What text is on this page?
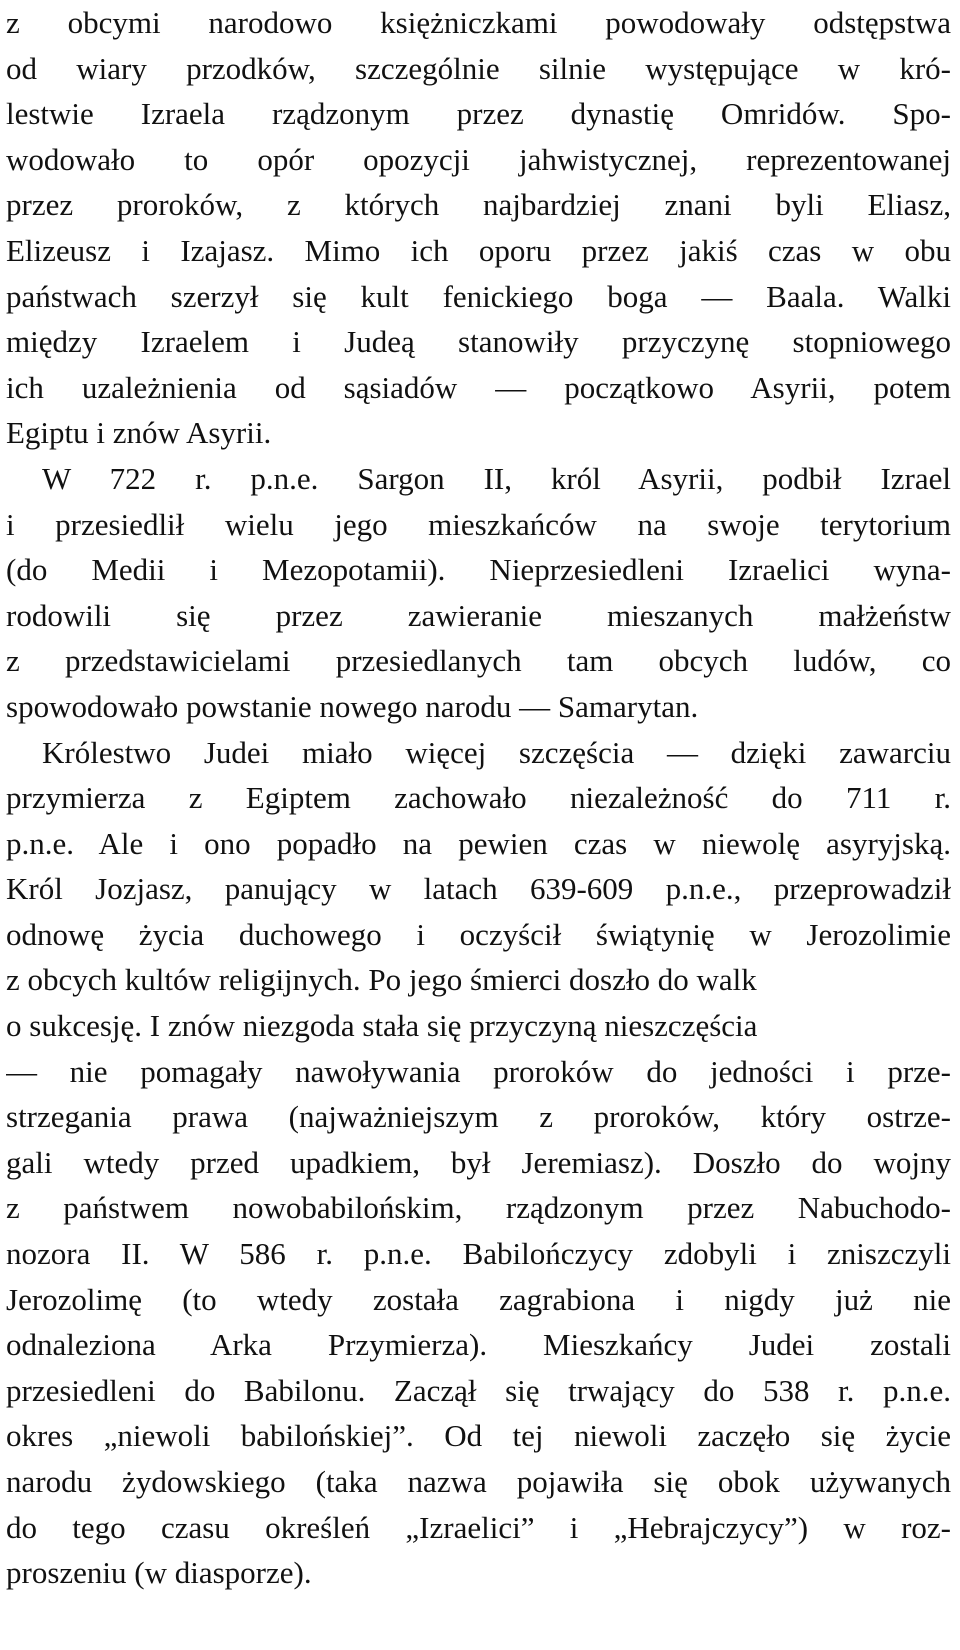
z obcymi narodowo księżniczkami powodowały odstępstwa
od wiary przodków, szczególnie silnie występujące w kró-
lestwie Izraela rządzonym przez dynastię Omridów. Spo-
wodowało to opór opozycji jahwistycznej, reprezentowanej
przez proroków, z których najbardziej znani byli Eliasz,
Elizeusz i Izajasz. Mimo ich oporu przez jakiś czas w obu
państwach szerzył się kult fenickiego boga — Baala. Walki
między Izraelem i Judeą stanowiły przyczynę stopniowego
ich uzależnienia od sąsiadów — początkowo Asyrii, potem
Egiptu i znów Asyrii.
W 722 r. p.n.e. Sargon II, król Asyrii, podbił Izrael
i przesiedlił wielu jego mieszkańców na swoje terytorium
(do Medii i Mezopotamii). Nieprzesiedleni Izraelici wyna-
rodowili się przez zawieranie mieszanych małżeństw
z przedstawicielami przesiedlanych tam obcych ludów, co
spowodowało powstanie nowego narodu — Samarytan.
Królestwo Judei miało więcej szczęścia — dzięki zawarciu
przymierza z Egiptem zachowało niezależność do 711 r.
p.n.e. Ale i ono popadło na pewien czas w niewolę asyryjską.
Król Jozjasz, panujący w latach 639-609 p.n.e., przeprowadził
odnowę życia duchowego i oczyścił świątynię w Jerozolimie
z obcych kultów religijnych. Po jego śmierci doszło do walk
o sukcesję. I znów niezgoda stała się przyczyną nieszczęścia
— nie pomagały nawoływania proroków do jedności i prze-
strzegania prawa (najważniejszym z proroków, który ostrze-
gali wtedy przed upadkiem, był Jeremiasz). Doszło do wojny
z państwem nowobabilońskim, rządzonym przez Nabuchodo-
nozora II. W 586 r. p.n.e. Babilończycy zdobyli i zniszczyli
Jerozolimę (to wtedy została zagrabiona i nigdy już nie
odnaleziona Arka Przymierza). Mieszkańcy Judei zostali
przesiedleni do Babilonu. Zaczął się trwający do 538 r. p.n.e.
okres „niewoli babilońskiej”. Od tej niewoli zaczęło się życie
narodu żydowskiego (taka nazwa pojawiła się obok używanych
do tego czasu określeń „Izraelici” i „Hebrajczycy”) w roz-
proszeniu (w diasporze).
